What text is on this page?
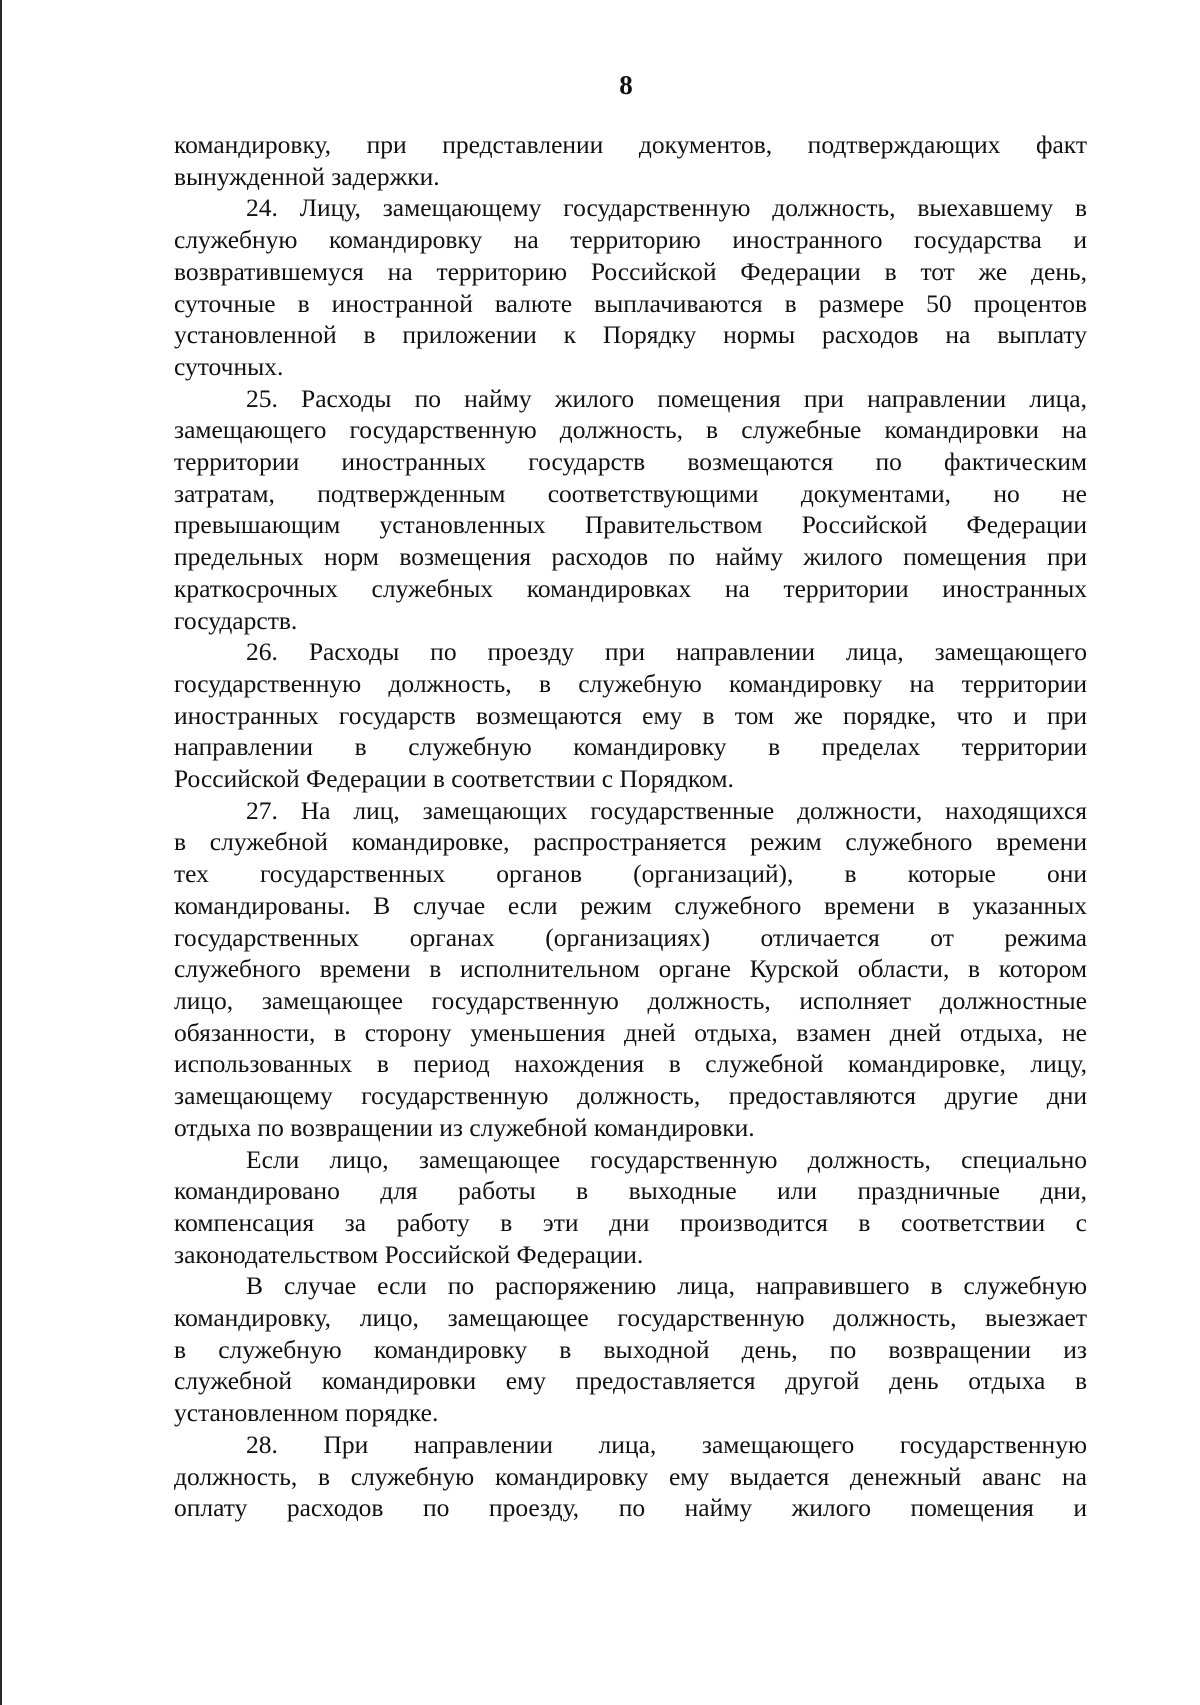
8
командировку, при представлении документов, подтверждающих факт
вынужденной задержки.
24. Лицу, замещающему государственную должность, выехавшему в
служебную командировку на территорию иностранного государства и
возвратившемуся на территорию Российской Федерации в тот же день,
суточные в иностранной валюте выплачиваются в размере 50 процентов
установленной в приложении к Порядку нормы расходов на выплату
суточных.
25. Расходы по найму жилого помещения при направлении лица,
замещающего государственную должность, в служебные командировки на
территории иностранных государств возмещаются по фактическим
затратам, подтвержденным соответствующими документами, но не
превышающим установленных Правительством Российской Федерации
предельных норм возмещения расходов по найму жилого помещения при
краткосрочных служебных командировках на территории иностранных
государств.
26. Расходы по проезду при направлении лица, замещающего
государственную должность, в служебную командировку на территории
иностранных государств возмещаются ему в том же порядке, что и при
направлении в служебную командировку в пределах территории
Российской Федерации в соответствии с Порядком.
27. На лиц, замещающих государственные должности, находящихся
в служебной командировке, распространяется режим служебного времени
тех государственных органов (организаций), в которые они
командированы. В случае если режим служебного времени в указанных
государственных органах (организациях) отличается от режима
служебного времени в исполнительном органе Курской области, в котором
лицо, замещающее государственную должность, исполняет должностные
обязанности, в сторону уменьшения дней отдыха, взамен дней отдыха, не
использованных в период нахождения в служебной командировке, лицу,
замещающему государственную должность, предоставляются другие дни
отдыха по возвращении из служебной командировки.
Если лицо, замещающее государственную должность, специально
командировано для работы в выходные или праздничные дни,
компенсация за работу в эти дни производится в соответствии с
законодательством Российской Федерации.
В случае если по распоряжению лица, направившего в служебную
командировку, лицо, замещающее государственную должность, выезжает
в служебную командировку в выходной день, по возвращении из
служебной командировки ему предоставляется другой день отдыха в
установленном порядке.
28. При направлении лица, замещающего государственную
должность, в служебную командировку ему выдается денежный аванс на
оплату расходов по проезду, по найму жилого помещения и
